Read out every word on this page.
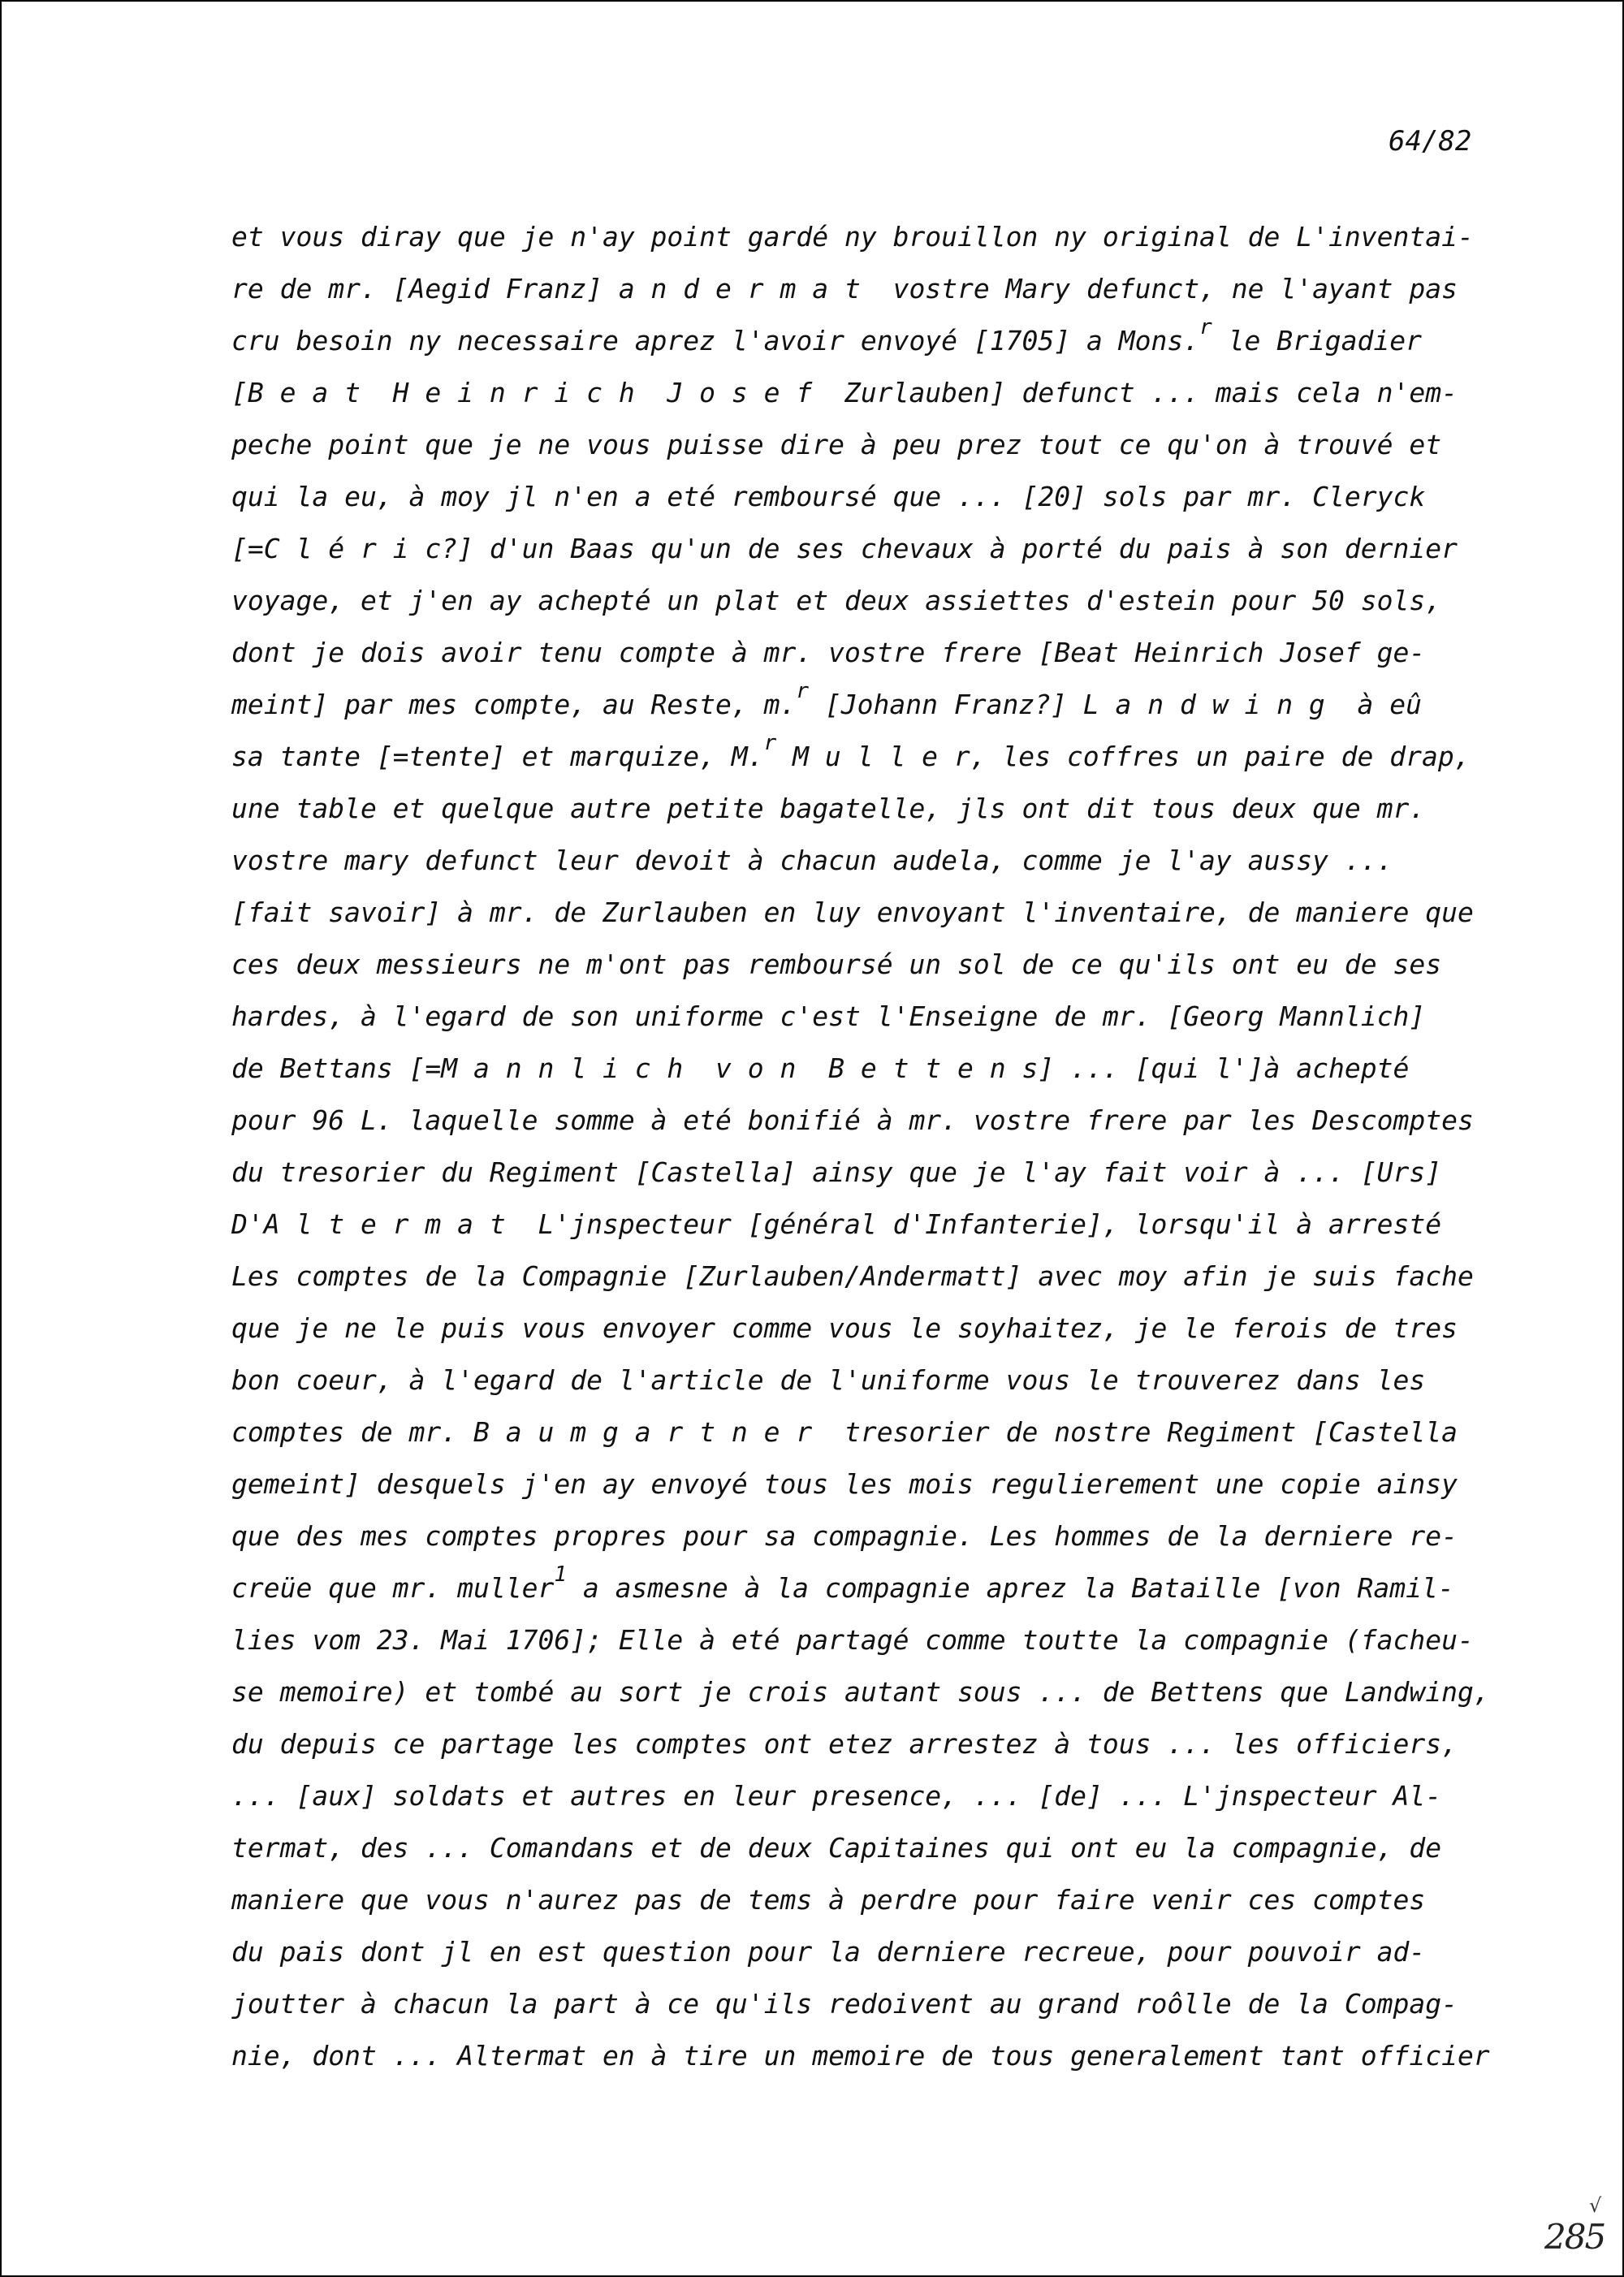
64/82
et vous diray que je n'ay point gardé ny brouillon ny original de L'inventai-
re de mr. [Aegid Franz] a n d e r m a t  vostre Mary defunct, ne l'ayant pas
cru besoin ny necessaire aprez l'avoir envoyé [1705] a Mons.$^r$ le Brigadier
[B e a t  H e i n r i c h  J o s e f  Zurlauben] defunct ... mais cela n'em-
peche point que je ne vous puisse dire à peu prez tout ce qu'on à trouvé et
qui la eu, à moy jl n'en a eté remboursé que ... [20] sols par mr. Cleryck
[=C l é r i c?] d'un Baas qu'un de ses chevaux à porté du pais à son dernier
voyage, et j'en ay achepté un plat et deux assiettes d'estein pour 50 sols,
dont je dois avoir tenu compte à mr. vostre frere [Beat Heinrich Josef ge-
meint] par mes compte, au Reste, m.$^r$ [Johann Franz?] L a n d w i n g  à eû
sa tante [=tente] et marquize, M.$^r$ M u l l e r, les coffres un paire de drap,
une table et quelque autre petite bagatelle, jls ont dit tous deux que mr.
vostre mary defunct leur devoit à chacun audela, comme je l'ay aussy ...
[fait savoir] à mr. de Zurlauben en luy envoyant l'inventaire, de maniere que
ces deux messieurs ne m'ont pas remboursé un sol de ce qu'ils ont eu de ses
hardes, à l'egard de son uniforme c'est l'Enseigne de mr. [Georg Mannlich]
de Bettans [=M a n n l i c h  v o n  B e t t e n s] ... [qui l']à achepté
pour 96 L. laquelle somme à eté bonifié à mr. vostre frere par les Descomptes
du tresorier du Regiment [Castella] ainsy que je l'ay fait voir à ... [Urs]
D'A l t e r m a t  L'jnspecteur [général d'Infanterie], lorsqu'il à arresté
Les comptes de la Compagnie [Zurlauben/Andermatt] avec moy afin je suis fache
que je ne le puis vous envoyer comme vous le soyhaitez, je le ferois de tres
bon coeur, à l'egard de l'article de l'uniforme vous le trouverez dans les
comptes de mr. B a u m g a r t n e r  tresorier de nostre Regiment [Castella
gemeint] desquels j'en ay envoyé tous les mois regulierement une copie ainsy
que des mes comptes propres pour sa compagnie. Les hommes de la derniere re-
creüe que mr. muller$^1$ a asmesne à la compagnie aprez la Bataille [von Ramil-
lies vom 23. Mai 1706]; Elle à eté partagé comme toutte la compagnie (facheu-
se memoire) et tombé au sort je crois autant sous ... de Bettens que Landwing,
du depuis ce partage les comptes ont etez arrestez à tous ... les officiers,
... [aux] soldats et autres en leur presence, ... [de] ... L'jnspecteur Al-
termat, des ... Comandans et de deux Capitaines qui ont eu la compagnie, de
maniere que vous n'aurez pas de tems à perdre pour faire venir ces comptes
du pais dont jl en est question pour la derniere recreue, pour pouvoir ad-
joutter à chacun la part à ce qu'ils redoivent au grand roôlle de la Compag-
nie, dont ... Altermat en à tire un memoire de tous generalement tant officier
√
285
